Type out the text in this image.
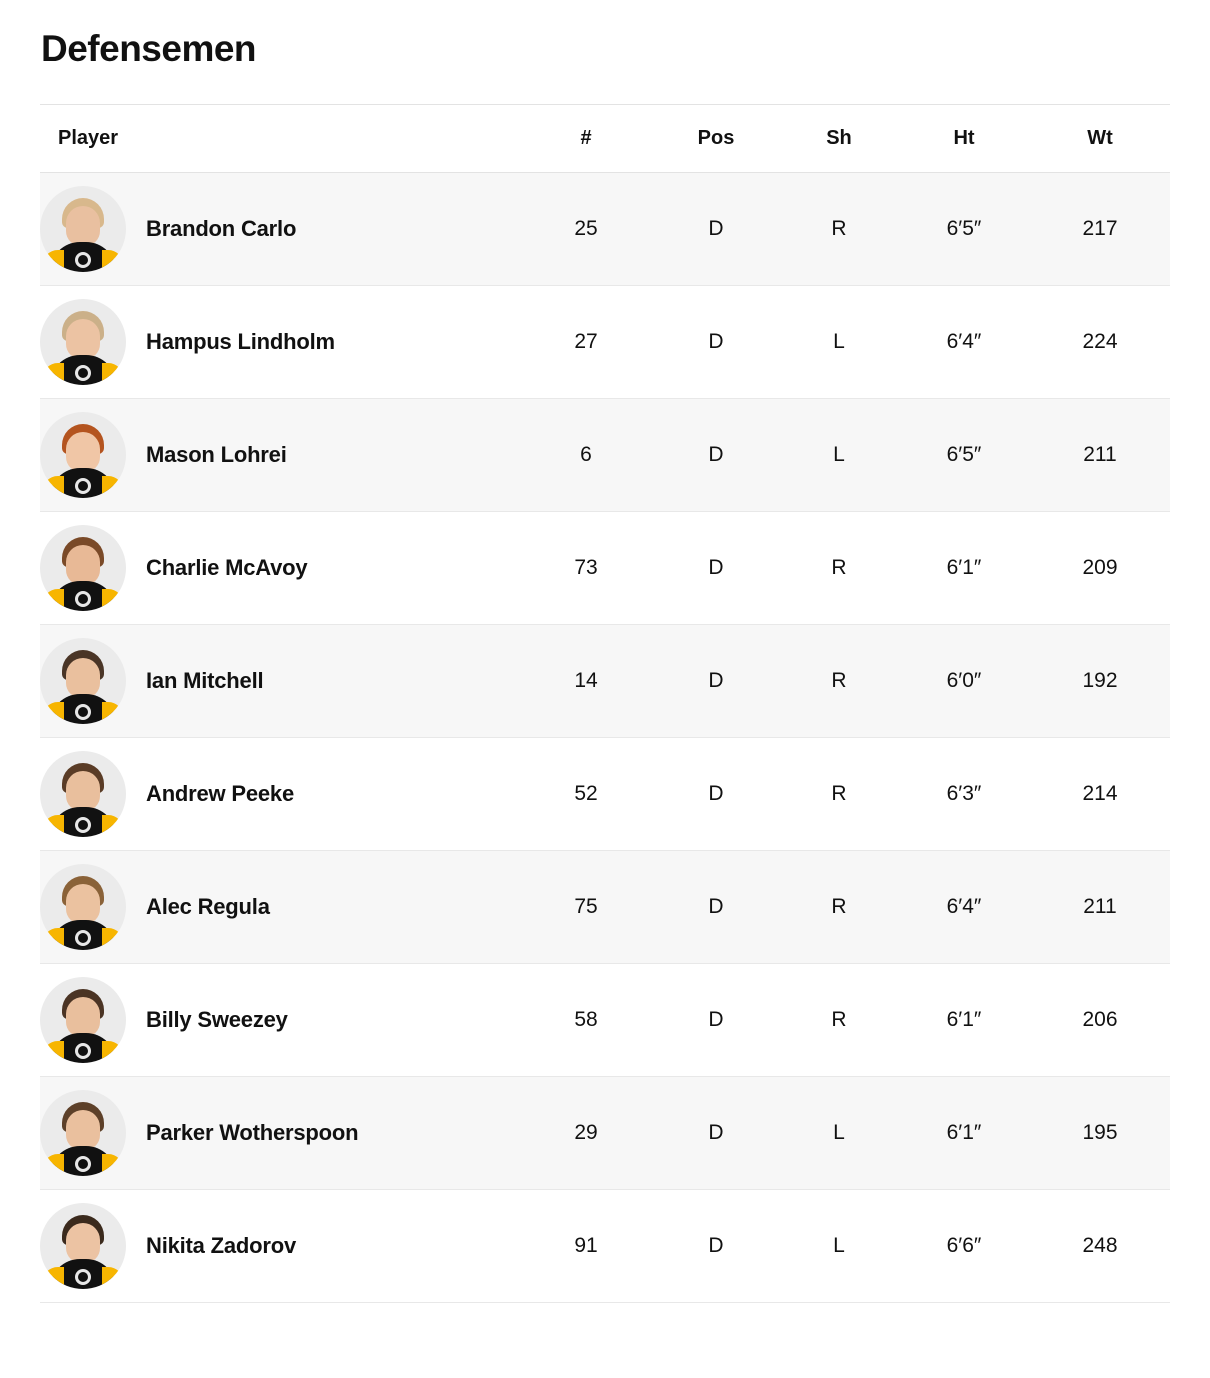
Defensemen
Player	#	Pos	Sh	Ht	Wt

Brandon Carlo	25	D	R	6′5″	217

Hampus Lindholm	27	D	L	6′4″	224

Mason Lohrei	6	D	L	6′5″	211

Charlie McAvoy	73	D	R	6′1″	209

Ian Mitchell	14	D	R	6′0″	192

Andrew Peeke	52	D	R	6′3″	214

Alec Regula	75	D	R	6′4″	211

Billy Sweezey	58	D	R	6′1″	206

Parker Wotherspoon	29	D	L	6′1″	195

Nikita Zadorov	91	D	L	6′6″	248
